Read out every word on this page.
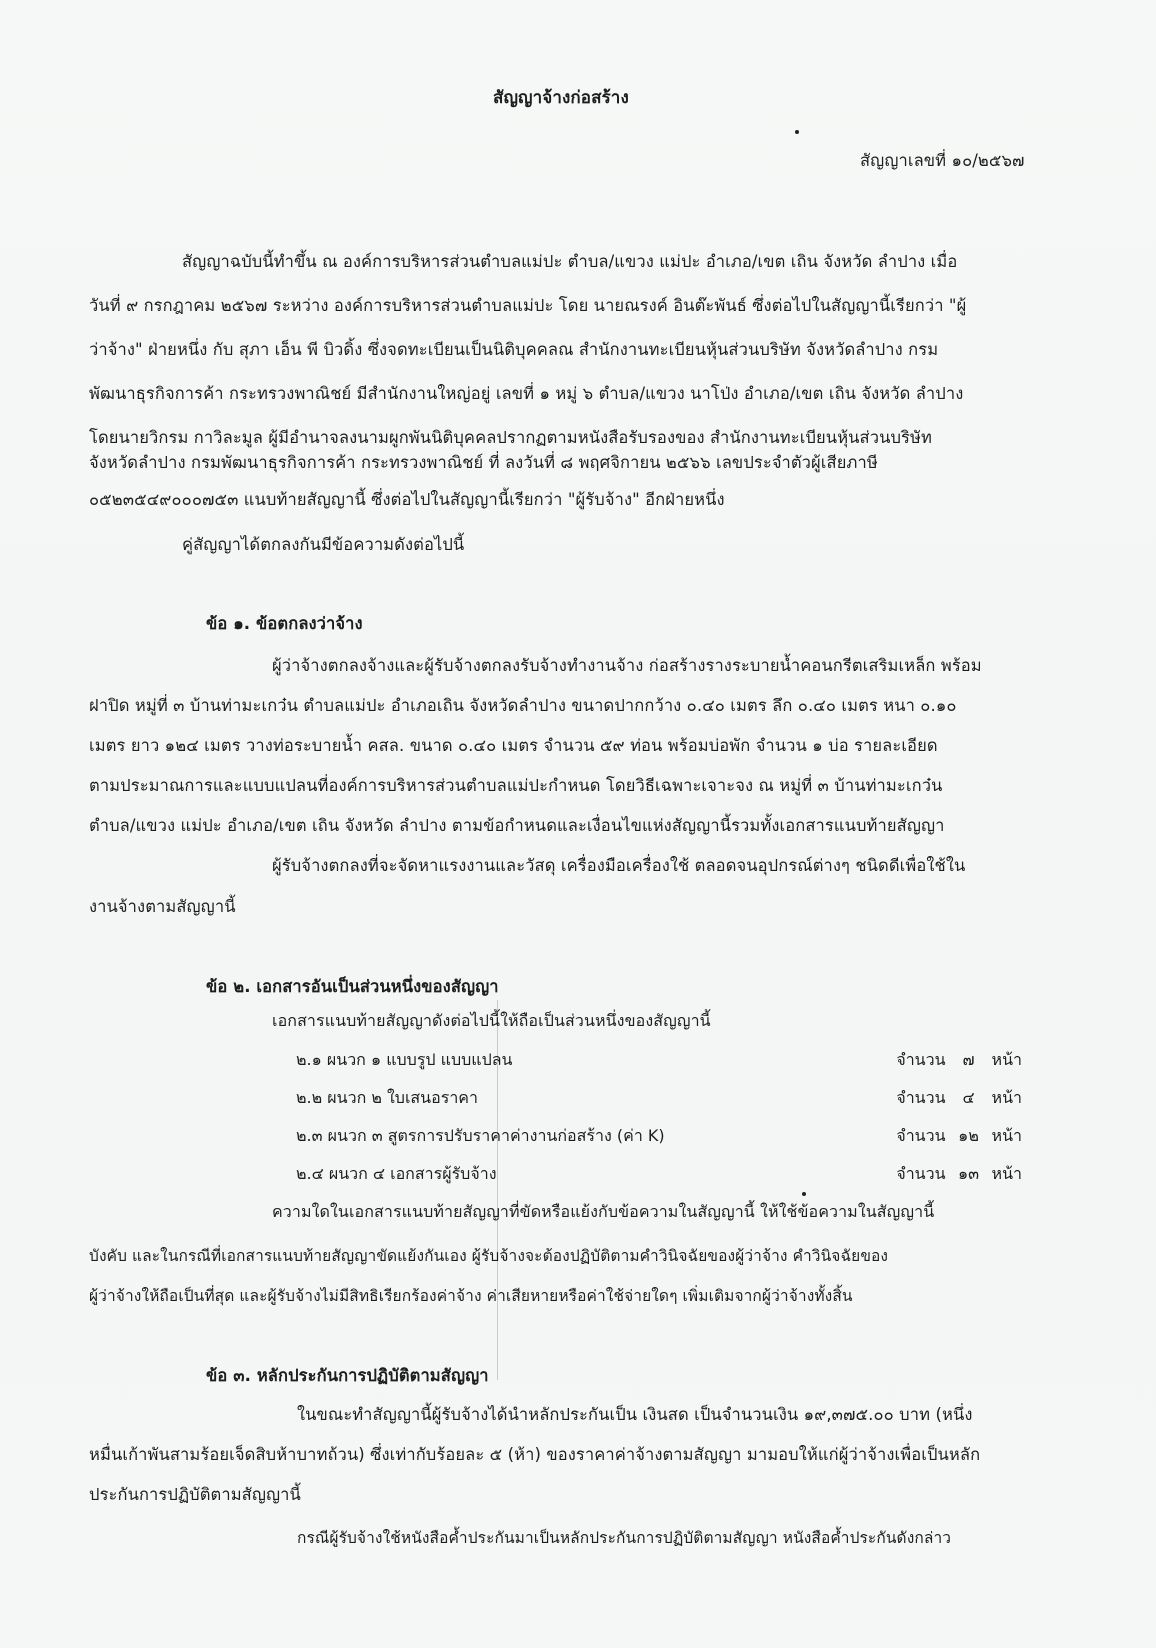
สัญญาจ้างก่อสร้าง
สัญญาเลขที่ ๑๐/๒๕๖๗
สัญญาฉบับนี้ทำขึ้น ณ องค์การบริหารส่วนตำบลแม่ปะ ตำบล/แขวง แม่ปะ อำเภอ/เขต เถิน จังหวัด ลำปาง เมื่อ
วันที่ ๙ กรกฎาคม ๒๕๖๗ ระหว่าง องค์การบริหารส่วนตำบลแม่ปะ โดย นายณรงค์ อินต๊ะพันธ์ ซึ่งต่อไปในสัญญานี้เรียกว่า "ผู้
ว่าจ้าง" ฝ่ายหนึ่ง กับ สุภา เอ็น พี บิวดิ้ง ซึ่งจดทะเบียนเป็นนิติบุคคลณ สำนักงานทะเบียนหุ้นส่วนบริษัท จังหวัดลำปาง กรม
พัฒนาธุรกิจการค้า กระทรวงพาณิชย์ มีสำนักงานใหญ่อยู่ เลขที่ ๑ หมู่ ๖ ตำบล/แขวง นาโป่ง อำเภอ/เขต เถิน จังหวัด ลำปาง
โดยนายวิกรม กาวิละมูล ผู้มีอำนาจลงนามผูกพันนิติบุคคลปรากฏตามหนังสือรับรองของ สำนักงานทะเบียนหุ้นส่วนบริษัท
จังหวัดลำปาง กรมพัฒนาธุรกิจการค้า กระทรวงพาณิชย์ ที่ ลงวันที่ ๘ พฤศจิกายน ๒๕๖๖ เลขประจำตัวผู้เสียภาษี
๐๕๒๓๕๔๙๐๐๐๗๕๓ แนบท้ายสัญญานี้ ซึ่งต่อไปในสัญญานี้เรียกว่า "ผู้รับจ้าง" อีกฝ่ายหนึ่ง
คู่สัญญาได้ตกลงกันมีข้อความดังต่อไปนี้
ข้อ ๑. ข้อตกลงว่าจ้าง
ผู้ว่าจ้างตกลงจ้างและผู้รับจ้างตกลงรับจ้างทำงานจ้าง ก่อสร้างรางระบายน้ำคอนกรีตเสริมเหล็ก พร้อม
ฝาปิด หมู่ที่ ๓ บ้านท่ามะเกว๋น ตำบลแม่ปะ อำเภอเถิน จังหวัดลำปาง ขนาดปากกว้าง ๐.๔๐ เมตร ลึก ๐.๔๐ เมตร หนา ๐.๑๐
เมตร ยาว ๑๒๔ เมตร วางท่อระบายน้ำ คสล. ขนาด ๐.๔๐ เมตร จำนวน ๕๙ ท่อน พร้อมบ่อพัก จำนวน ๑ บ่อ รายละเอียด
ตามประมาณการและแบบแปลนที่องค์การบริหารส่วนตำบลแม่ปะกำหนด โดยวิธีเฉพาะเจาะจง ณ หมู่ที่ ๓ บ้านท่ามะเกว๋น
ตำบล/แขวง แม่ปะ อำเภอ/เขต เถิน จังหวัด ลำปาง ตามข้อกำหนดและเงื่อนไขแห่งสัญญานี้รวมทั้งเอกสารแนบท้ายสัญญา
ผู้รับจ้างตกลงที่จะจัดหาแรงงานและวัสดุ เครื่องมือเครื่องใช้ ตลอดจนอุปกรณ์ต่างๆ ชนิดดีเพื่อใช้ใน
งานจ้างตามสัญญานี้
ข้อ ๒. เอกสารอันเป็นส่วนหนึ่งของสัญญา
เอกสารแนบท้ายสัญญาดังต่อไปนี้ให้ถือเป็นส่วนหนึ่งของสัญญานี้
๒.๑ ผนวก ๑ แบบรูป แบบแปลน	จำนวน	๗	หน้า
๒.๒ ผนวก ๒ ใบเสนอราคา	จำนวน	๔	หน้า
๒.๓ ผนวก ๓ สูตรการปรับราคาค่างานก่อสร้าง (ค่า K)	จำนวน ๑๒ หน้า
๒.๔ ผนวก ๔ เอกสารผู้รับจ้าง	จำนวน ๑๓ หน้า
ความใดในเอกสารแนบท้ายสัญญาที่ขัดหรือแย้งกับข้อความในสัญญานี้ ให้ใช้ข้อความในสัญญานี้
บังคับ และในกรณีที่เอกสารแนบท้ายสัญญาขัดแย้งกันเอง ผู้รับจ้างจะต้องปฏิบัติตามคำวินิจฉัยของผู้ว่าจ้าง คำวินิจฉัยของ
ผู้ว่าจ้างให้ถือเป็นที่สุด และผู้รับจ้างไม่มีสิทธิเรียกร้องค่าจ้าง ค่าเสียหายหรือค่าใช้จ่ายใดๆ เพิ่มเติมจากผู้ว่าจ้างทั้งสิ้น
ข้อ ๓. หลักประกันการปฏิบัติตามสัญญา
ในขณะทำสัญญานี้ผู้รับจ้างได้นำหลักประกันเป็น เงินสด เป็นจำนวนเงิน ๑๙,๓๗๕.๐๐ บาท (หนึ่ง
หมื่นเก้าพันสามร้อยเจ็ดสิบห้าบาทถ้วน) ซึ่งเท่ากับร้อยละ ๕ (ห้า) ของราคาค่าจ้างตามสัญญา มามอบให้แก่ผู้ว่าจ้างเพื่อเป็นหลัก
ประกันการปฏิบัติตามสัญญานี้
กรณีผู้รับจ้างใช้หนังสือค้ำประกันมาเป็นหลักประกันการปฏิบัติตามสัญญา หนังสือค้ำประกันดังกล่าว
